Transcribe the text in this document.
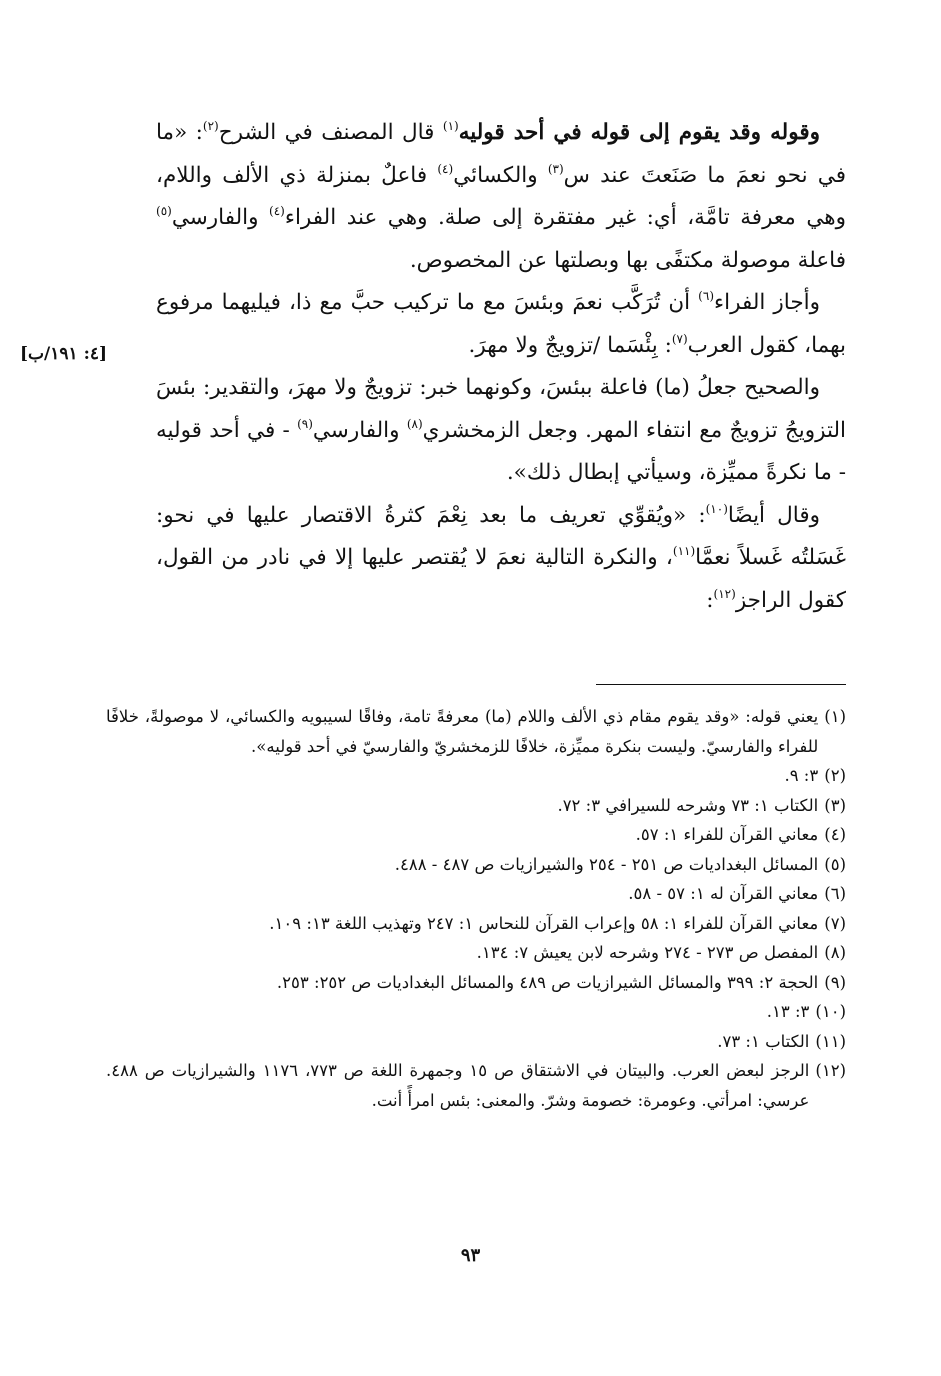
[٤: ١٩١/ب]

وقوله وقد يقوم إلى قوله في أحد قوليه$^{(١)}$ قال المصنف في الشرح$^{(٢)}$: «ما في نحو نعمَ ما صَنَعتَ عند س$^{(٣)}$ والكسائي$^{(٤)}$ فاعلٌ بمنزلة ذي الألف واللام، وهي معرفة تامَّة، أي: غير مفتقرة إلى صلة. وهي عند الفراء$^{(٤)}$ والفارسي$^{(٥)}$ فاعلة موصولة مكتفًى بها وبصلتها عن المخصوص.

وأجاز الفراء$^{(٦)}$ أن تُرَكَّب نعمَ وبئسَ مع ما تركيب حبَّ مع ذا، فيليهما مرفوع بهما، كقول العرب$^{(٧)}$: بِئْسَما /تزويجٌ ولا مهرَ.

والصحيح جعلُ (ما) فاعلة ببئسَ، وكونهما خبر: تزويجٌ ولا مهرَ، والتقدير: بئسَ التزويجُ تزويجٌ مع انتفاء المهر. وجعل الزمخشري$^{(٨)}$ والفارسي$^{(٩)}$ - في أحد قوليه - ما نكرةً مميِّزة، وسيأتي إبطال ذلك».

وقال أيضًا$^{(١٠)}$: «ويُقوِّي تعريف ما بعد نِعْمَ كثرةُ الاقتصار عليها في نحو: غَسَلتُه غَسلاً نعمَّا$^{(١١)}$، والنكرة التالية نعمَ لا يُقتصر عليها إلا في نادر من القول، كقول الراجز$^{(١٢)}$:

(١)
يعني قوله: «وقد يقوم مقام ذي الألف واللام (ما) معرفةً تامة، وفاقًا لسيبويه والكسائي، لا موصولةً، خلافًا للفراء والفارسيّ. وليست بنكرة مميِّزة، خلافًا للزمخشريّ والفارسيّ في أحد قوليه».
(٢)
٣: ٩.
(٣)
الكتاب ١: ٧٣ وشرحه للسيرافي ٣: ٧٢.
(٤)
معاني القرآن للفراء ١: ٥٧.
(٥)
المسائل البغداديات ص ٢٥١ - ٢٥٤ والشيرازيات ص ٤٨٧ - ٤٨٨.
(٦)
معاني القرآن له ١: ٥٧ - ٥٨.
(٧)
معاني القرآن للفراء ١: ٥٨ وإعراب القرآن للنحاس ١: ٢٤٧ وتهذيب اللغة ١٣: ١٠٩.
(٨)
المفصل ص ٢٧٣ - ٢٧٤ وشرحه لابن يعيش ٧: ١٣٤.
(٩)
الحجة ٢: ٣٩٩ والمسائل الشيرازيات ص ٤٨٩ والمسائل البغداديات ص ٢٥٢: ٢٥٣.
(١٠)
٣: ١٣.
(١١)
الكتاب ١: ٧٣.
(١٢)
الرجز لبعض العرب. والبيتان في الاشتقاق ص ١٥ وجمهرة اللغة ص ٧٧٣، ١١٧٦ والشيرازيات ص ٤٨٨. عرسي: امرأتي. وعومرة: خصومة وشرّ. والمعنى: بئس امرأً أنت.
٩٣
